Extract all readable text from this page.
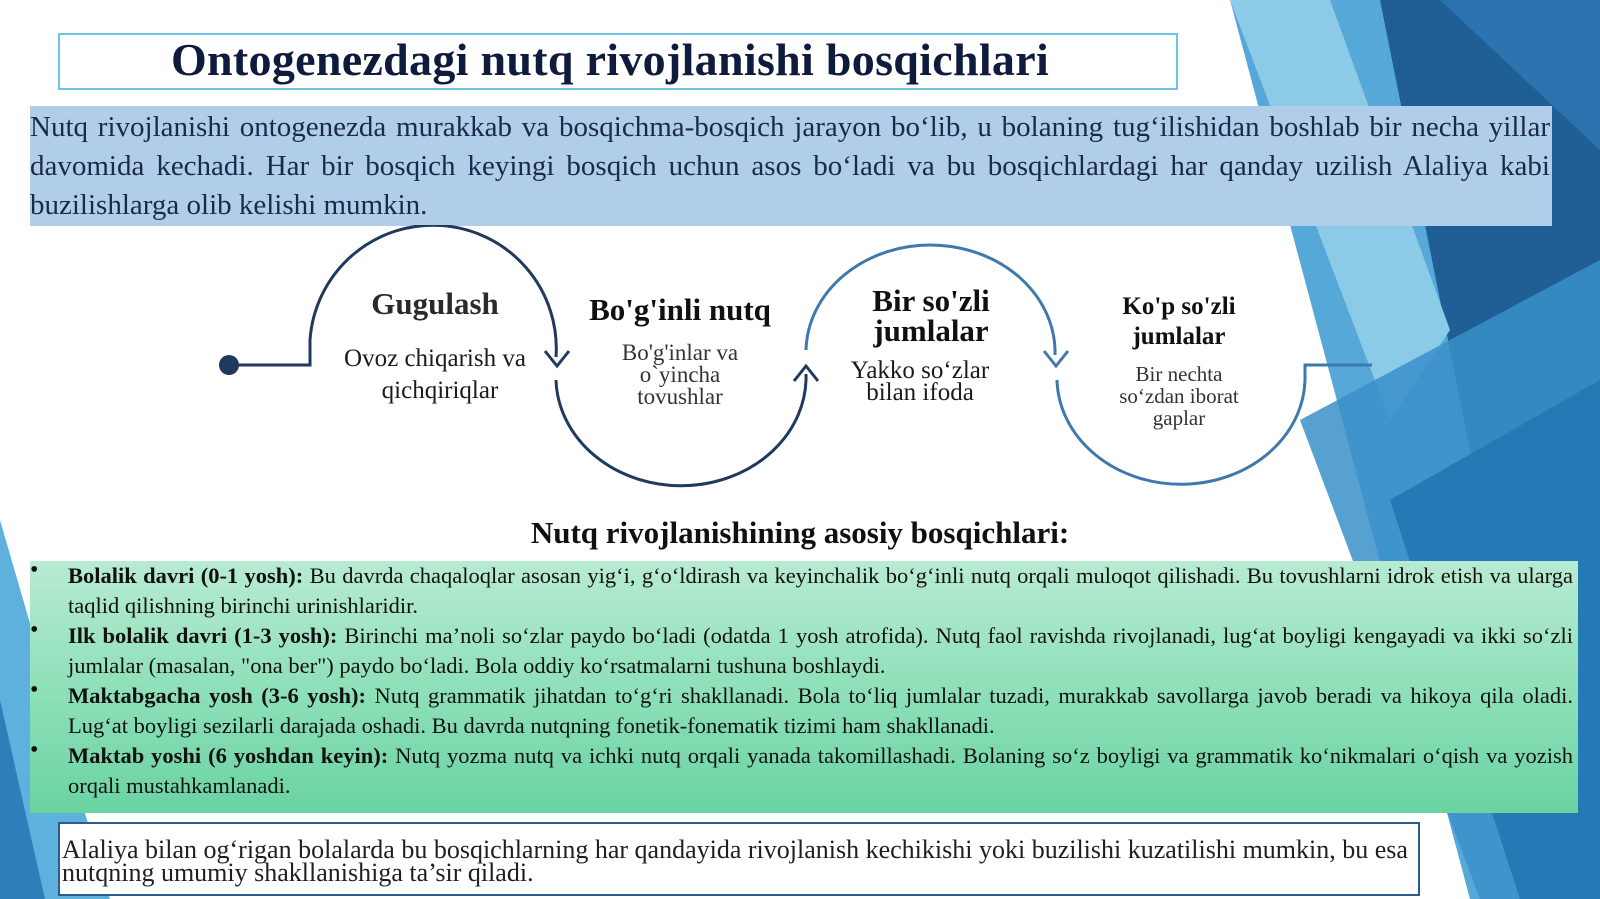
Ontogenezdagi nutq rivojlanishi bosqichlari

Nutq rivojlanishi ontogenezda murakkab va bosqichma-bosqich jarayon bo‘lib, u bolaning tug‘ilishidan boshlab bir necha yillar davomida kechadi. Har bir bosqich keyingi bosqich uchun asos bo‘ladi va bu bosqichlardagi har qanday uzilish Alaliya kabi buzilishlarga olib kelishi mumkin.

Gugulash
Ovoz chiqarish va
qichqiriqlar
Bo'g'inli nutq
Bo'g'inlar va
o`yincha
tovushlar
Bir so'zli
jumlalar
Yakko so‘zlar
bilan ifoda
Ko'p so'zli
jumlalar
Bir nechta
so‘zdan iborat
gaplar
Nutq rivojlanishining asosiy bosqichlari:
• Bolalik davri (0-1 yosh): Bu davrda chaqaloqlar asosan yig‘i, g‘o‘ldirash va keyinchalik bo‘g‘inli nutq orqali muloqot qilishadi. Bu tovushlarni idrok etish va ularga taqlid qilishning birinchi urinishlaridir.
• Ilk bolalik davri (1-3 yosh): Birinchi ma’noli so‘zlar paydo bo‘ladi (odatda 1 yosh atrofida). Nutq faol ravishda rivojlanadi, lug‘at boyligi kengayadi va ikki so‘zli jumlalar (masalan, "ona ber") paydo bo‘ladi. Bola oddiy ko‘rsatmalarni tushuna boshlaydi.
• Maktabgacha yosh (3-6 yosh): Nutq grammatik jihatdan to‘g‘ri shakllanadi. Bola to‘liq jumlalar tuzadi, murakkab savollarga javob beradi va hikoya qila oladi. Lug‘at boyligi sezilarli darajada oshadi. Bu davrda nutqning fonetik-fonematik tizimi ham shakllanadi.
• Maktab yoshi (6 yoshdan keyin): Nutq yozma nutq va ichki nutq orqali yanada takomillashadi. Bolaning so‘z boyligi va grammatik ko‘nikmalari o‘qish va yozish orqali mustahkamlanadi.

Alaliya bilan og‘rigan bolalarda bu bosqichlarning har qandayida rivojlanish kechikishi yoki buzilishi kuzatilishi mumkin, bu esa nutqning umumiy shakllanishiga ta’sir qiladi.
